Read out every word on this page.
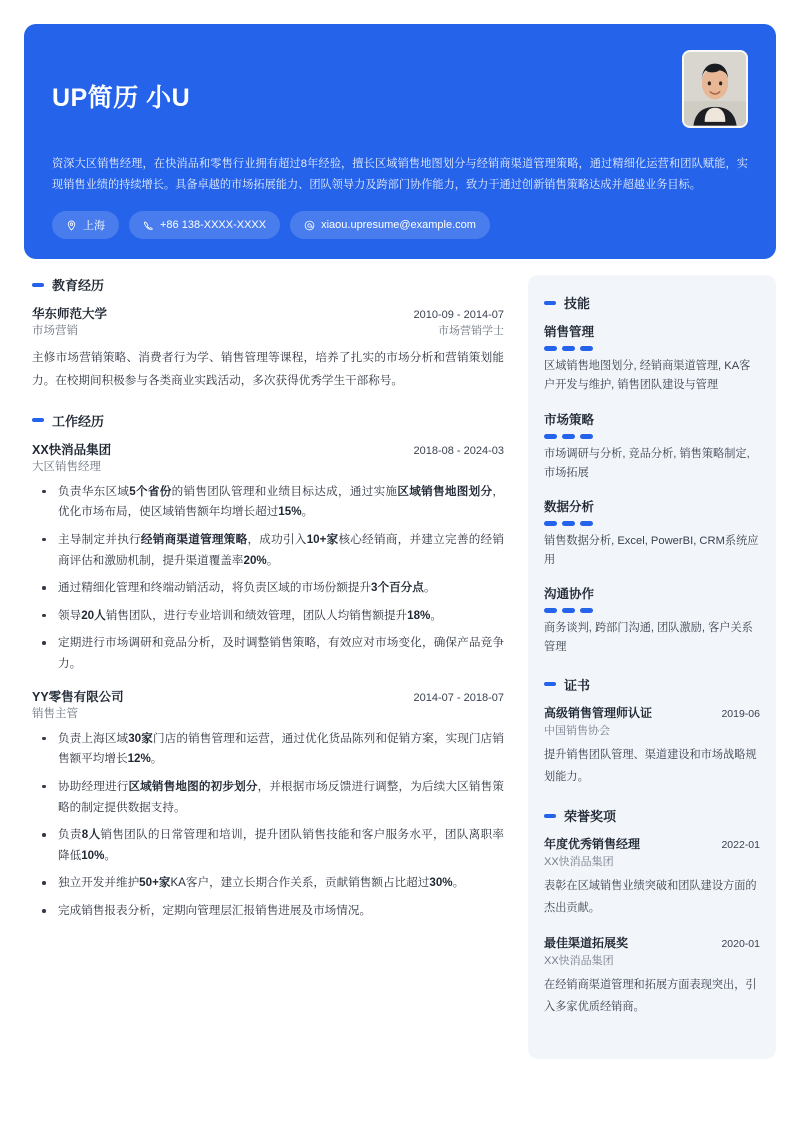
UP简历 小U
资深大区销售经理，在快消品和零售行业拥有超过8年经验，擅长区域销售地图划分与经销商渠道管理策略，通过精细化运营和团队赋能，实现销售业绩的持续增长。具备卓越的市场拓展能力、团队领导力及跨部门协作能力，致力于通过创新销售策略达成并超越业务目标。
上海	+86 138-XXXX-XXXX	xiaou.upresume@example.com
教育经历
华东师范大学	2010-09 - 2014-07
市场营销	市场营销学士
主修市场营销策略、消费者行为学、销售管理等课程，培养了扎实的市场分析和营销策划能力。在校期间积极参与各类商业实践活动，多次获得优秀学生干部称号。
工作经历
XX快消品集团	2018-08 - 2024-03
大区销售经理
负责华东区域5个省份的销售团队管理和业绩目标达成，通过实施区域销售地图划分，优化市场布局，使区域销售额年均增长超过15%。
主导制定并执行经销商渠道管理策略，成功引入10+家核心经销商，并建立完善的经销商评估和激励机制，提升渠道覆盖率20%。
通过精细化管理和终端动销活动，将负责区域的市场份额提升3个百分点。
领导20人销售团队，进行专业培训和绩效管理，团队人均销售额提升18%。
定期进行市场调研和竞品分析，及时调整销售策略，有效应对市场变化，确保产品竞争力。
YY零售有限公司	2014-07 - 2018-07
销售主管
负责上海区域30家门店的销售管理和运营，通过优化货品陈列和促销方案，实现门店销售额平均增长12%。
协助经理进行区域销售地图的初步划分，并根据市场反馈进行调整，为后续大区销售策略的制定提供数据支持。
负责8人销售团队的日常管理和培训，提升团队销售技能和客户服务水平，团队离职率降低10%。
独立开发并维护50+家KA客户，建立长期合作关系，贡献销售额占比超过30%。
完成销售报表分析，定期向管理层汇报销售进展及市场情况。
技能
销售管理
区域销售地图划分, 经销商渠道管理, KA客户开发与维护, 销售团队建设与管理
市场策略
市场调研与分析, 竞品分析, 销售策略制定, 市场拓展
数据分析
销售数据分析, Excel, PowerBI, CRM系统应用
沟通协作
商务谈判, 跨部门沟通, 团队激励, 客户关系管理
证书
高级销售管理师认证	2019-06
中国销售协会
提升销售团队管理、渠道建设和市场战略规划能力。
荣誉奖项
年度优秀销售经理	2022-01
XX快消品集团
表彰在区域销售业绩突破和团队建设方面的杰出贡献。
最佳渠道拓展奖	2020-01
XX快消品集团
在经销商渠道管理和拓展方面表现突出，引入多家优质经销商。
